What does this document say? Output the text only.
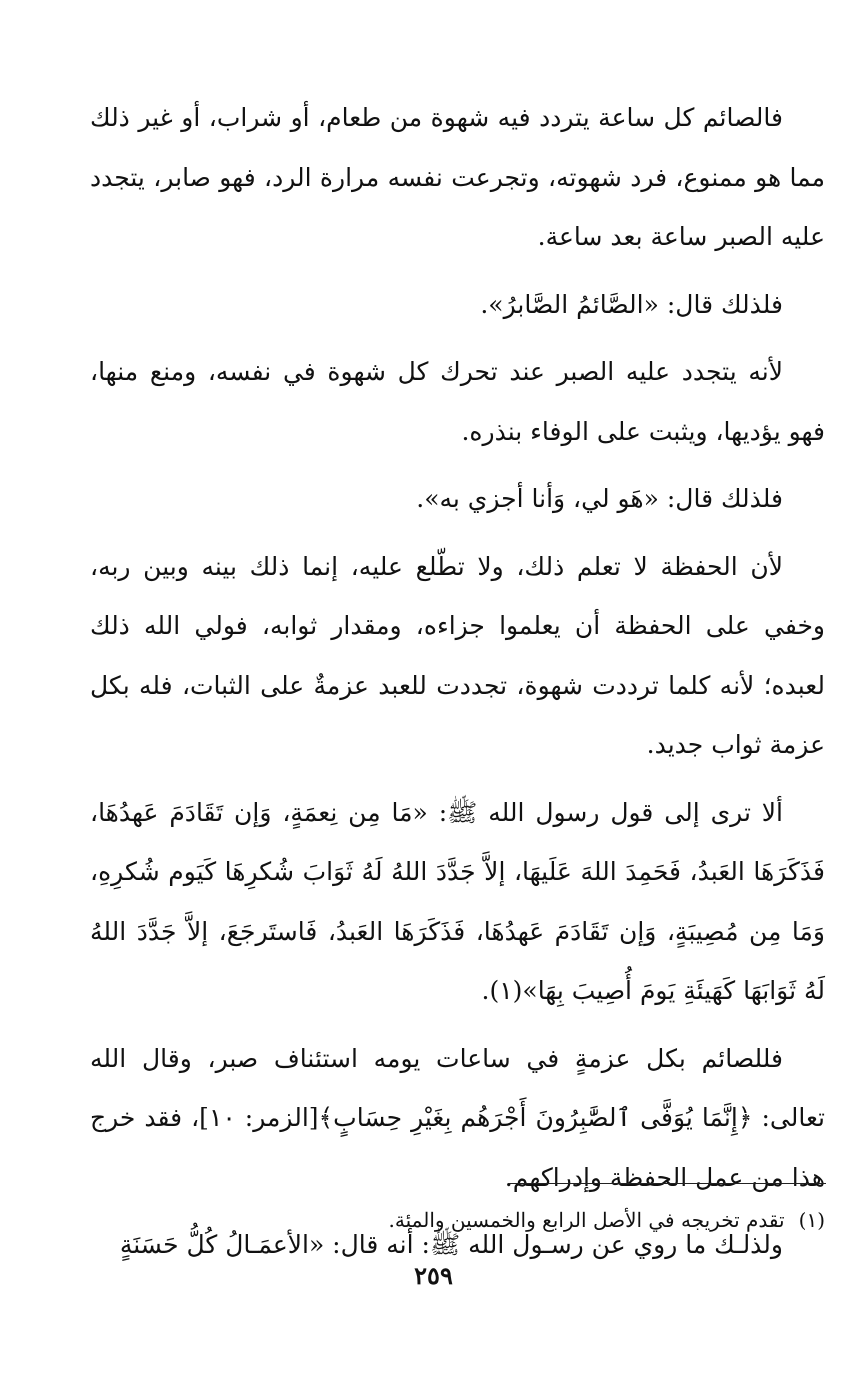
فالصائم كل ساعة يتردد فيه شهوة من طعام، أو شراب، أو غير ذلك مما هو ممنوع، فرد شهوته، وتجرعت نفسه مرارة الرد، فهو صابر، يتجدد عليه الصبر ساعة بعد ساعة.

فلذلك قال: «الصَّائمُ الصَّابرُ».

لأنه يتجدد عليه الصبر عند تحرك كل شهوة في نفسه، ومنع منها، فهو يؤديها، ويثبت على الوفاء بنذره.

فلذلك قال: «هَو لي، وَأنا أجزي به».

لأن الحفظة لا تعلم ذلك، ولا تطّلع عليه، إنما ذلك بينه وبين ربه، وخفي على الحفظة أن يعلموا جزاءه، ومقدار ثوابه، فولي الله ذلك لعبده؛ لأنه كلما ترددت شهوة، تجددت للعبد عزمةٌ على الثبات، فله بكل عزمة ثواب جديد.

ألا ترى إلى قول رسول الله ﷺ: «مَا مِن نِعمَةٍ، وَإن تَقَادَمَ عَهدُهَا، فَذَكَرَهَا العَبدُ، فَحَمِدَ اللهَ عَلَيهَا، إلاَّ جَدَّدَ اللهُ لَهُ ثَوَابَ شُكرِهَا كَيَوم شُكرِهِ، وَمَا مِن مُصِيبَةٍ، وَإن تَقَادَمَ عَهدُهَا، فَذَكَرَهَا العَبدُ، فَاستَرجَعَ، إلاَّ جَدَّدَ اللهُ لَهُ ثَوَابَهَا كَهَيئَةِ يَومَ أُصِيبَ بِهَا»(١).

فللصائم بكل عزمةٍ في ساعات يومه استئناف صبر، وقال الله تعالى: ﴿إِنَّمَا يُوَفَّى ٱلصَّٰبِرُونَ أَجْرَهُم بِغَيْرِ حِسَابٍ﴾[الزمر: ١٠]، فقد خرج هذا من عمل الحفظة وإدراكهم.

ولذلـك ما روي عن رسـول الله ﷺ: أنه قال: «الأعمَـالُ كُلُّ حَسَنَةٍ

(١)تقدم تخريجه في الأصل الرابع والخمسين والمئة.
٢٥٩
